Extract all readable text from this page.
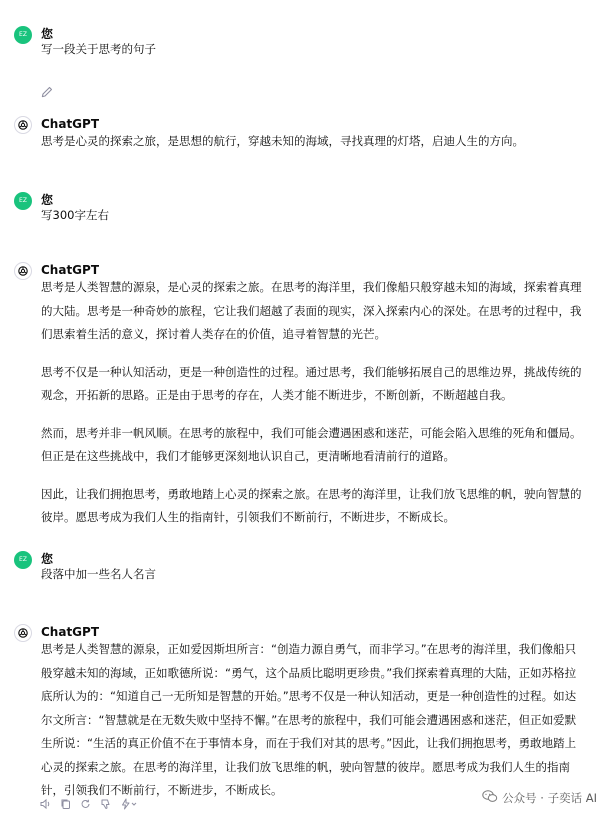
EZ	您
写一段关于思考的句子
ChatGPT

思考是心灵的探索之旅，是思想的航行，穿越未知的海域，寻找真理的灯塔，启迪人生的方向。

EZ	您
写300字左右
ChatGPT

思考是人类智慧的源泉，是心灵的探索之旅。在思考的海洋里，我们像船只般穿越未知的海域，探索着真理的大陆。思考是一种奇妙的旅程，它让我们超越了表面的现实，深入探索内心的深处。在思考的过程中，我们思索着生活的意义，探讨着人类存在的价值，追寻着智慧的光芒。

思考不仅是一种认知活动，更是一种创造性的过程。通过思考，我们能够拓展自己的思维边界，挑战传统的观念，开拓新的思路。正是由于思考的存在，人类才能不断进步，不断创新，不断超越自我。

然而，思考并非一帆风顺。在思考的旅程中，我们可能会遭遇困惑和迷茫，可能会陷入思维的死角和僵局。但正是在这些挑战中，我们才能够更深刻地认识自己，更清晰地看清前行的道路。

因此，让我们拥抱思考，勇敢地踏上心灵的探索之旅。在思考的海洋里，让我们放飞思维的帆，驶向智慧的彼岸。愿思考成为我们人生的指南针，引领我们不断前行，不断进步，不断成长。

EZ	您
段落中加一些名人名言
ChatGPT

思考是人类智慧的源泉，正如爱因斯坦所言：“创造力源自勇气，而非学习。”在思考的海洋里，我们像船只般穿越未知的海域，正如歌德所说：“勇气，这个品质比聪明更珍贵。”我们探索着真理的大陆，正如苏格拉底所认为的：“知道自己一无所知是智慧的开始。”思考不仅是一种认知活动，更是一种创造性的过程。如达尔文所言：“智慧就是在无数失败中坚持不懈。”在思考的旅程中，我们可能会遭遇困惑和迷茫，但正如爱默生所说：“生活的真正价值不在于事情本身，而在于我们对其的思考。”因此，让我们拥抱思考，勇敢地踏上心灵的探索之旅。在思考的海洋里，让我们放飞思维的帆，驶向智慧的彼岸。愿思考成为我们人生的指南针，引领我们不断前行，不断进步，不断成长。

公众号 · 子奕话 AI
